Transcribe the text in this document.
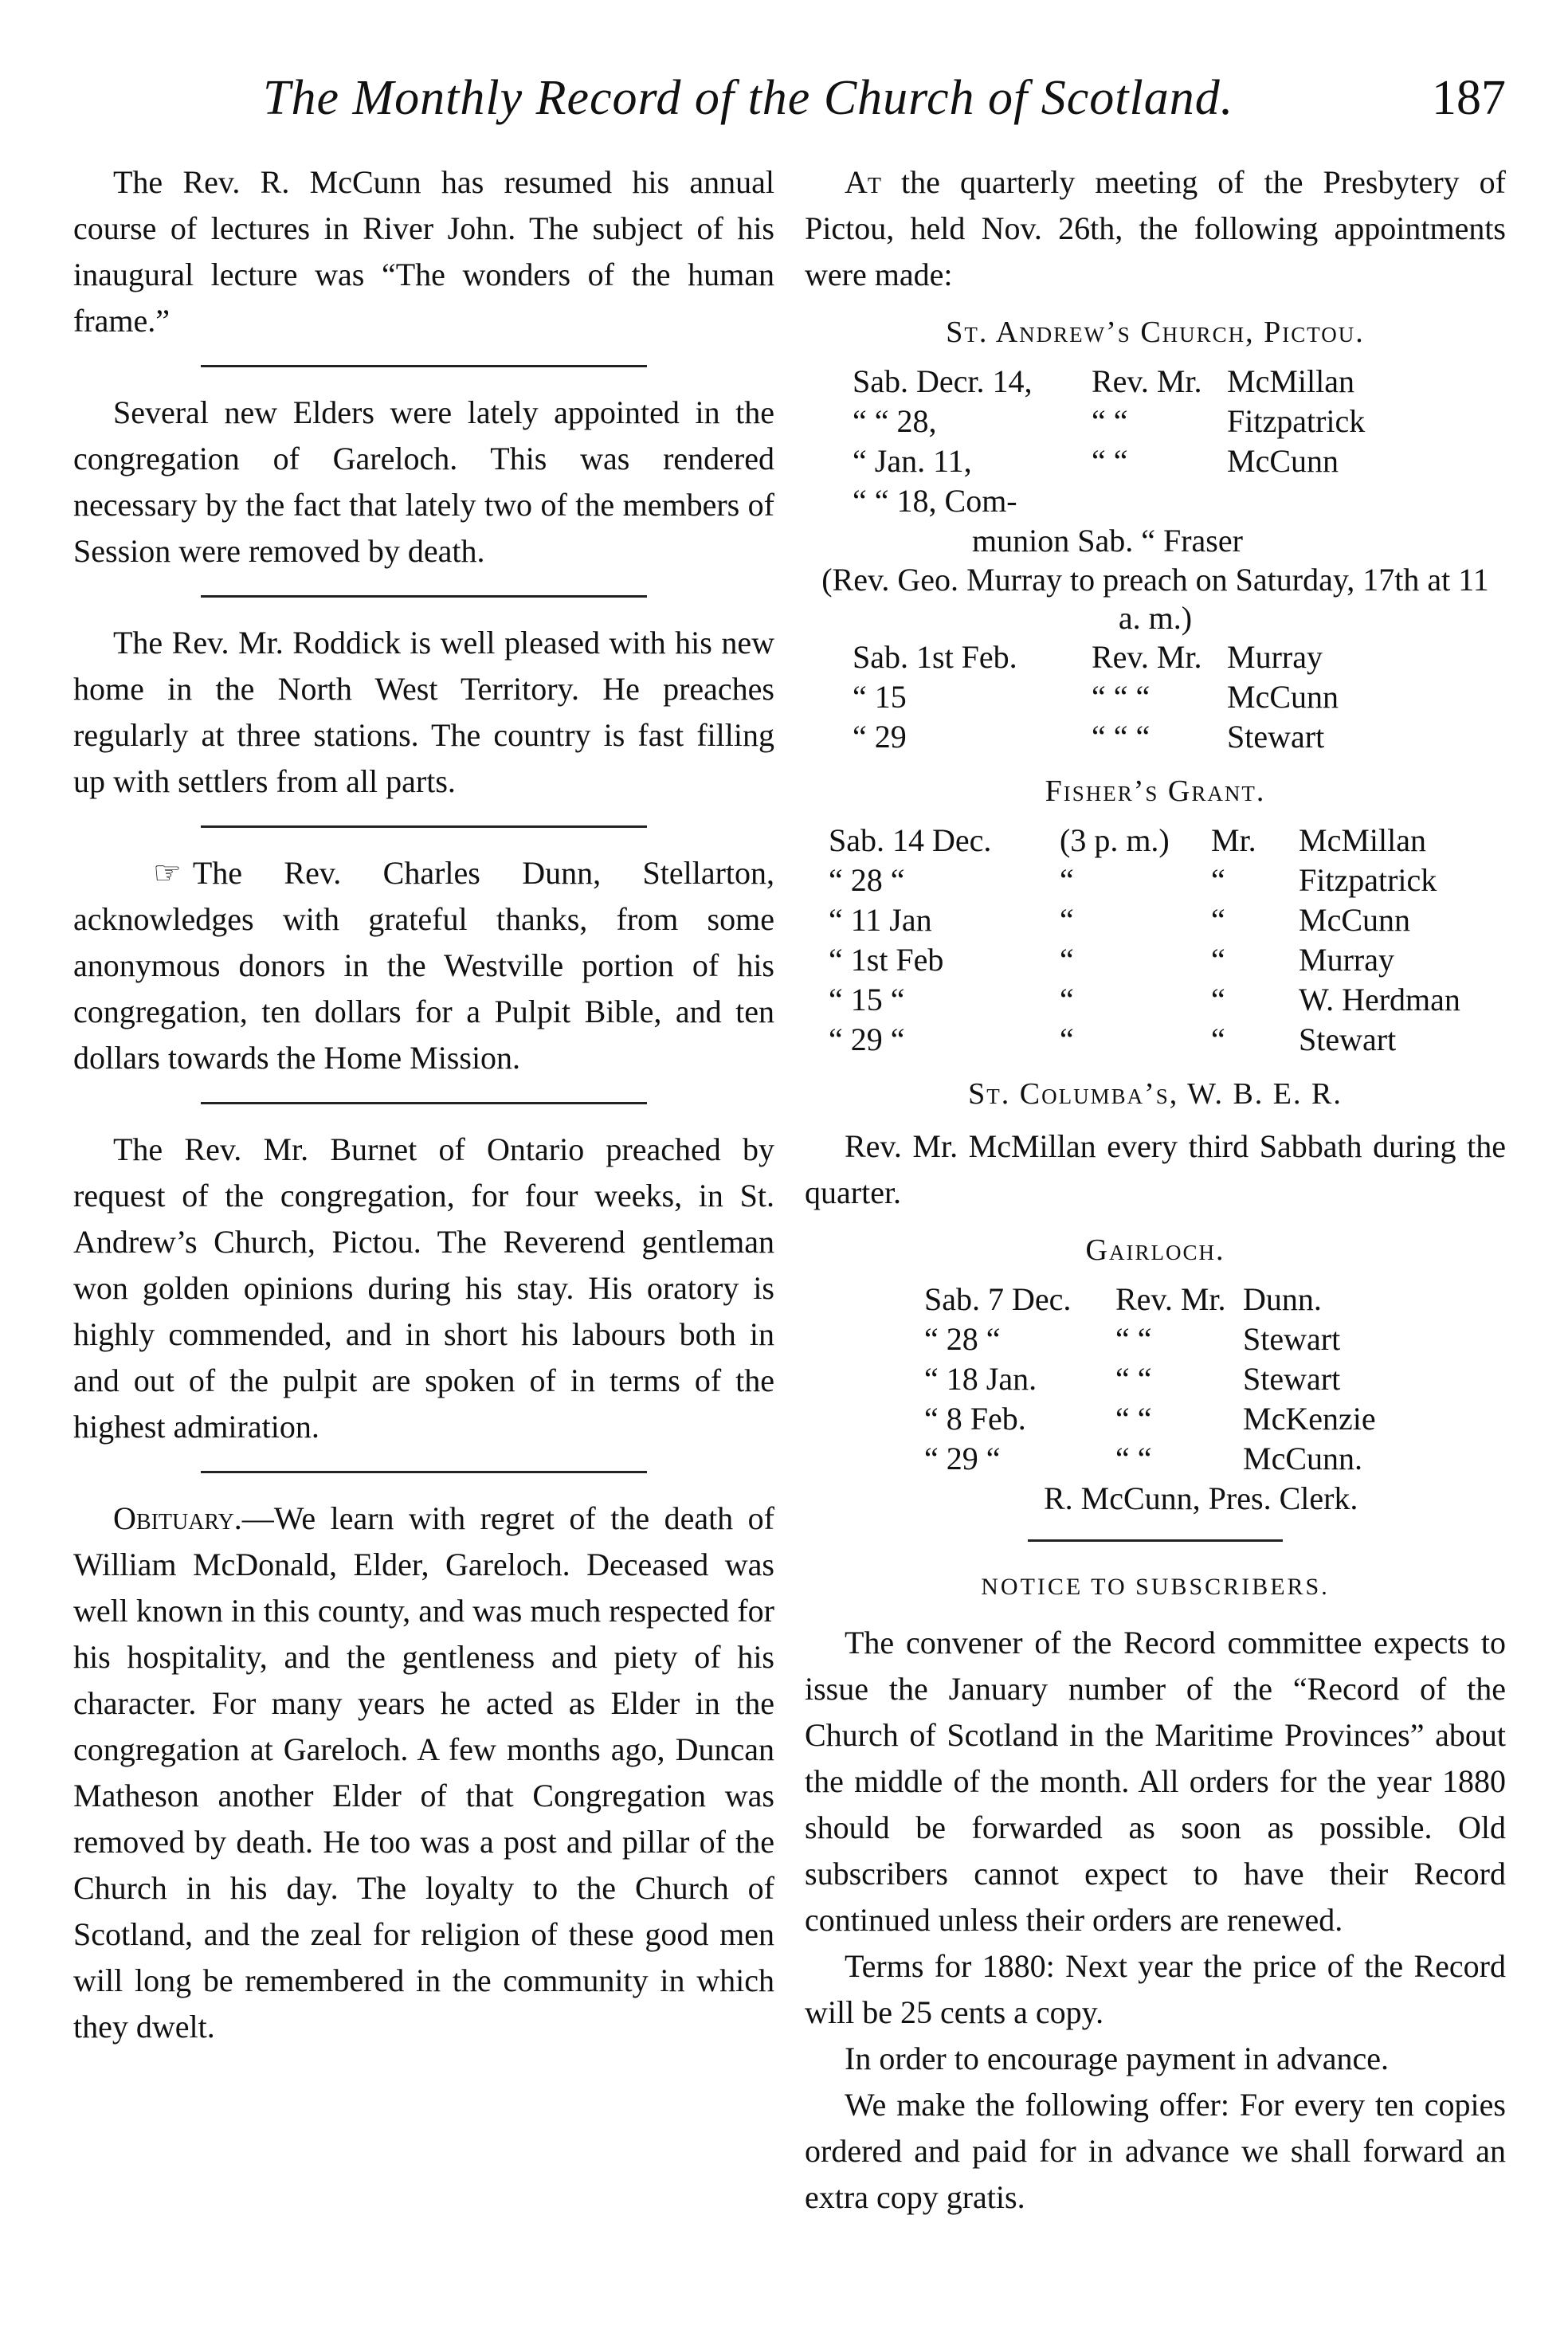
The Monthly Record of the Church of Scotland.	187

The Rev. R. McCunn has resumed his annual course of lectures in River John. The subject of his inaugural lecture was “The wonders of the human frame.”

Several new Elders were lately appointed in the congregation of Gareloch. This was rendered necessary by the fact that lately two of the members of Session were removed by death.

The Rev. Mr. Roddick is well pleased with his new home in the North West Territory. He preaches regularly at three stations. The country is fast filling up with settlers from all parts.

☞ The Rev. Charles Dunn, Stellarton, acknowledges with grateful thanks, from some anonymous donors in the Westville portion of his congregation, ten dollars for a Pulpit Bible, and ten dollars towards the Home Mission.

The Rev. Mr. Burnet of Ontario preached by request of the congregation, for four weeks, in St. Andrew’s Church, Pictou. The Reverend gentleman won golden opinions during his stay. His oratory is highly commended, and in short his labours both in and out of the pulpit are spoken of in terms of the highest admiration.

Obituary.—We learn with regret of the death of William McDonald, Elder, Gareloch. Deceased was well known in this county, and was much respected for his hospitality, and the gentleness and piety of his character. For many years he acted as Elder in the congregation at Gareloch. A few months ago, Duncan Matheson another Elder of that Congregation was removed by death. He too was a post and pillar of the Church in his day. The loyalty to the Church of Scotland, and the zeal for religion of these good men will long be remembered in the community in which they dwelt.

At the quarterly meeting of the Presbytery of Pictou, held Nov. 26th, the following appointments were made:

St. Andrew’s Church, Pictou.
Sab. Decr. 14,	Rev. Mr. McMillan
“ “ 28,	“ “	Fitzpatrick
“ Jan. 11,	“ “	McCunn
“ “ 18, Com-
munion Sab. “ Fraser

(Rev. Geo. Murray to preach on Saturday, 17th at 11 a. m.)

Sab. 1st Feb.	Rev. Mr. Murray
“ 15	“ “ “	McCunn
“ 29	“ “ “	Stewart
Fisher’s Grant.
Sab. 14 Dec.	(3 p. m.)	Mr.	McMillan
“ 28 “	“	“	Fitzpatrick
“ 11 Jan	“	“	McCunn
“ 1st Feb	“	“	Murray
“ 15 “	“	“	W. Herdman
“ 29 “	“	“	Stewart
St. Columba’s, W. B. E. R.

Rev. Mr. McMillan every third Sabbath during the quarter.

Gairloch.
Sab. 7 Dec.	Rev. Mr. Dunn.
“ 28 “	“ “	Stewart
“ 18 Jan.	“ “	Stewart
“ 8 Feb.	“ “	McKenzie
“ 29 “	“ “	McCunn.
R. McCunn, Pres. Clerk.
NOTICE TO SUBSCRIBERS.

The convener of the Record committee expects to issue the January number of the “Record of the Church of Scotland in the Maritime Provinces” about the middle of the month. All orders for the year 1880 should be forwarded as soon as possible. Old subscribers cannot expect to have their Record continued unless their orders are renewed.

Terms for 1880: Next year the price of the Record will be 25 cents a copy.

In order to encourage payment in advance.

We make the following offer: For every ten copies ordered and paid for in advance we shall forward an extra copy gratis.
